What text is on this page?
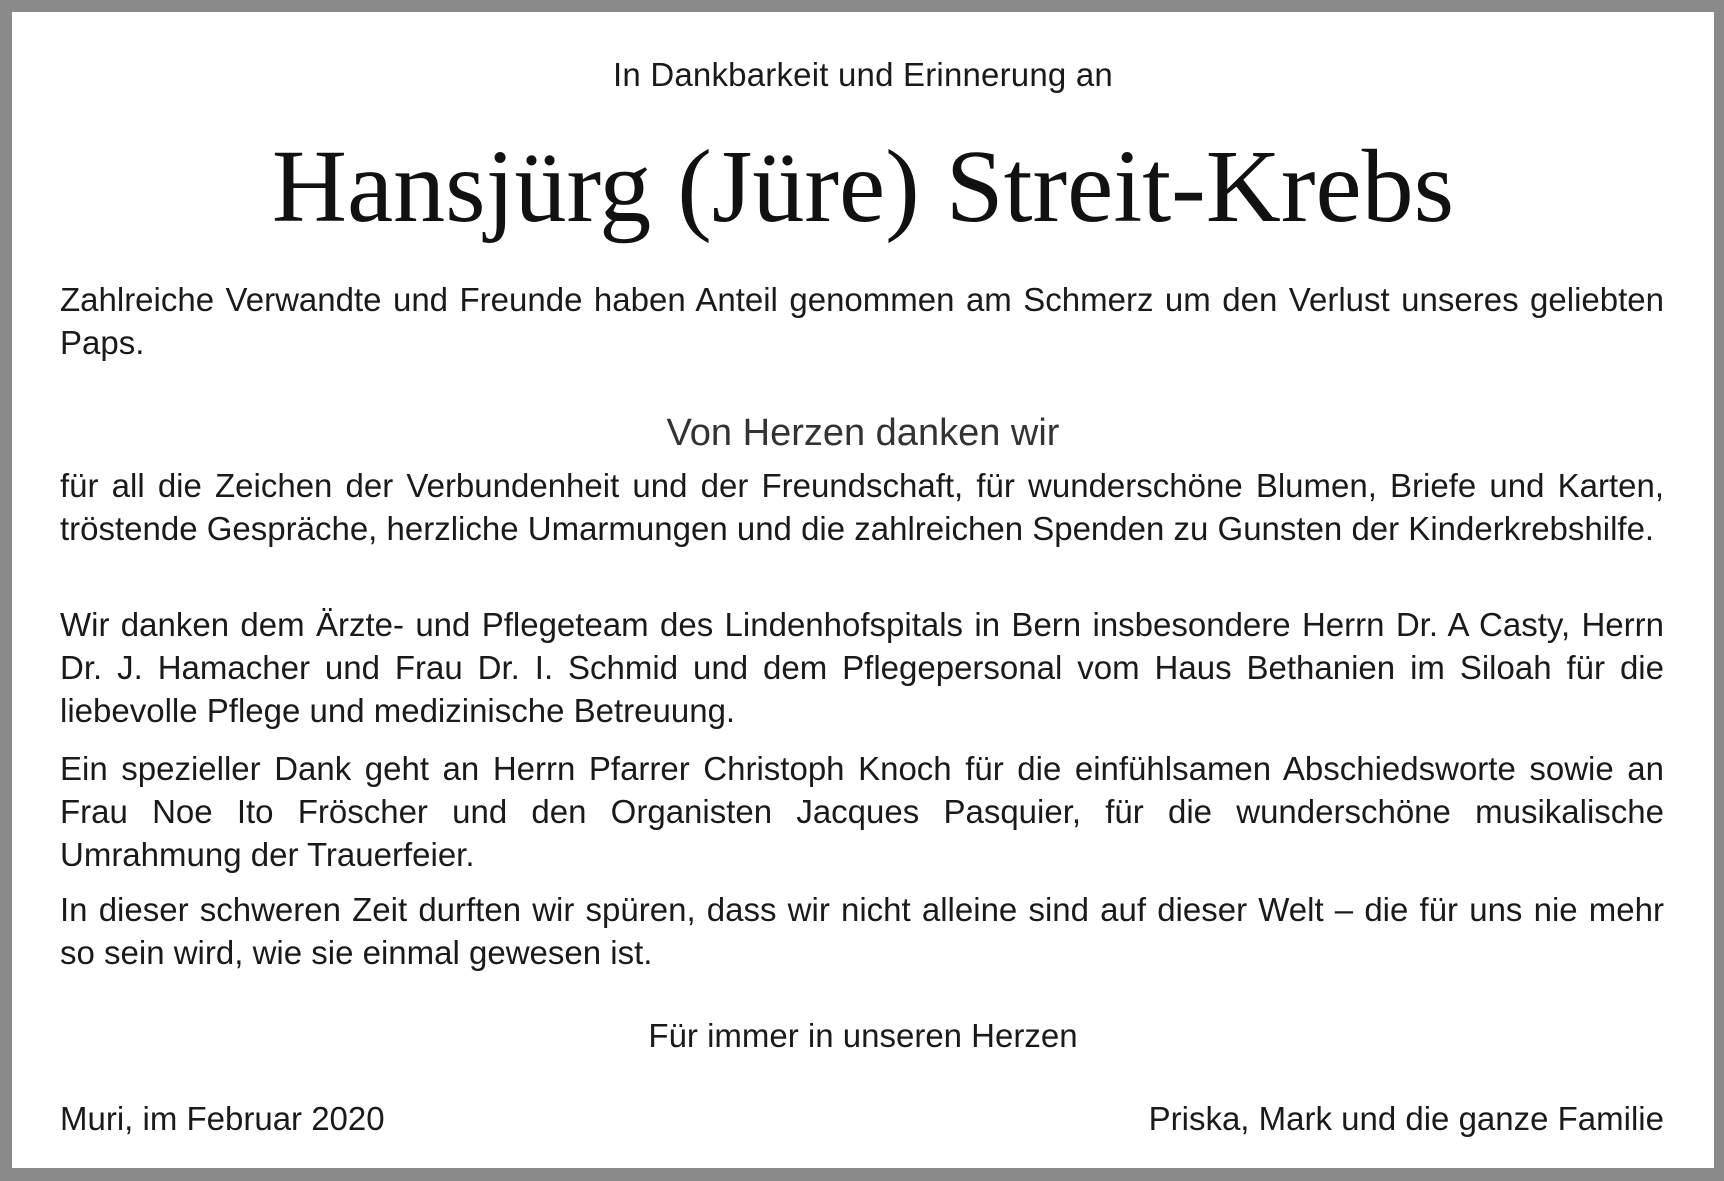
In Dankbarkeit und Erinnerung an
Hansjürg (Jüre) Streit-Krebs

Zahlreiche Verwandte und Freunde haben Anteil genommen am Schmerz um den Verlust unseres geliebten Paps.

Von Herzen danken wir

für all die Zeichen der Verbundenheit und der Freundschaft, für wunderschöne Blumen, Briefe und Karten, tröstende Gespräche, herzliche Umarmungen und die zahlreichen Spenden zu Gunsten der Kinderkrebshilfe.

Wir danken dem Ärzte- und Pflegeteam des Lindenhofspitals in Bern insbesondere Herrn Dr. A Casty, Herrn Dr. J. Hamacher und Frau Dr. I. Schmid und dem Pflegepersonal vom Haus Bethanien im Siloah für die liebevolle Pflege und medizinische Betreuung.

Ein spezieller Dank geht an Herrn Pfarrer Christoph Knoch für die einfühlsamen Abschiedsworte sowie an Frau Noe Ito Fröscher und den Organisten Jacques Pasquier, für die wunderschöne musikalische Umrahmung der Trauerfeier.

In dieser schweren Zeit durften wir spüren, dass wir nicht alleine sind auf dieser Welt – die für uns nie mehr so sein wird, wie sie einmal gewesen ist.

Für immer in unseren Herzen
Muri, im Februar 2020	Priska, Mark und die ganze Familie
